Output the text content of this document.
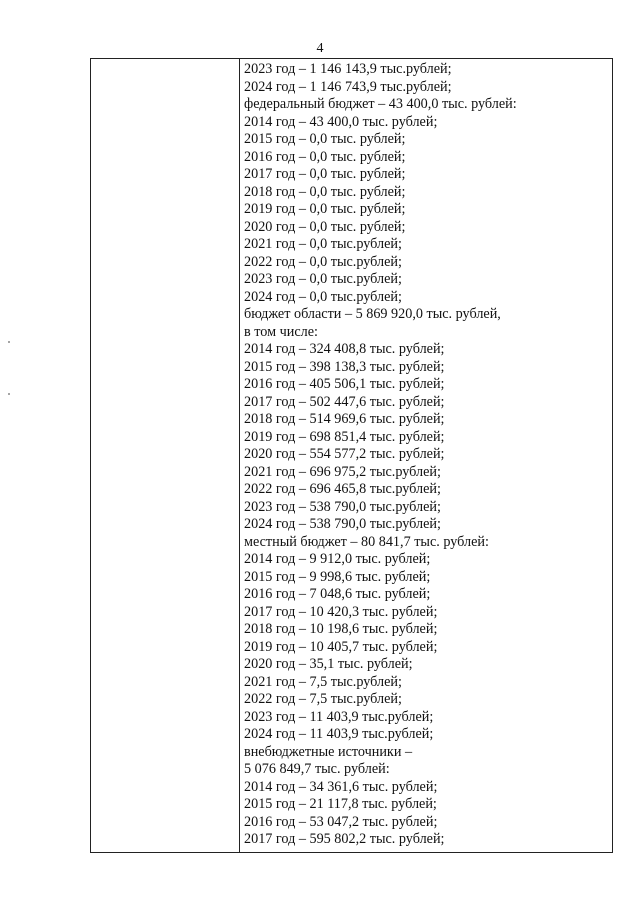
4
2023 год – 1 146 143,9 тыс.рублей;
2024 год – 1 146 743,9 тыс.рублей;
федеральный бюджет – 43 400,0 тыс. рублей:
2014 год – 43 400,0 тыс. рублей;
2015 год – 0,0 тыс. рублей;
2016 год – 0,0 тыс. рублей;
2017 год – 0,0 тыс. рублей;
2018 год – 0,0 тыс. рублей;
2019 год – 0,0 тыс. рублей;
2020 год – 0,0 тыс. рублей;
2021 год – 0,0 тыс.рублей;
2022 год – 0,0 тыс.рублей;
2023 год – 0,0 тыс.рублей;
2024 год – 0,0 тыс.рублей;
бюджет области – 5 869 920,0 тыс. рублей,
в том числе:
2014 год – 324 408,8 тыс. рублей;
2015 год – 398 138,3 тыс. рублей;
2016 год – 405 506,1 тыс. рублей;
2017 год – 502 447,6 тыс. рублей;
2018 год – 514 969,6 тыс. рублей;
2019 год – 698 851,4 тыс. рублей;
2020 год – 554 577,2 тыс. рублей;
2021 год – 696 975,2 тыс.рублей;
2022 год – 696 465,8 тыс.рублей;
2023 год – 538 790,0 тыс.рублей;
2024 год – 538 790,0 тыс.рублей;
местный бюджет – 80 841,7 тыс. рублей:
2014 год – 9 912,0 тыс. рублей;
2015 год – 9 998,6 тыс. рублей;
2016 год – 7 048,6 тыс. рублей;
2017 год – 10 420,3 тыс. рублей;
2018 год – 10 198,6 тыс. рублей;
2019 год – 10 405,7 тыс. рублей;
2020 год – 35,1 тыс. рублей;
2021 год – 7,5 тыс.рублей;
2022 год – 7,5 тыс.рублей;
2023 год – 11 403,9 тыс.рублей;
2024 год – 11 403,9 тыс.рублей;
внебюджетные источники –
5 076 849,7 тыс. рублей:
2014 год – 34 361,6 тыс. рублей;
2015 год – 21 117,8 тыс. рублей;
2016 год – 53 047,2 тыс. рублей;
2017 год – 595 802,2 тыс. рублей;
